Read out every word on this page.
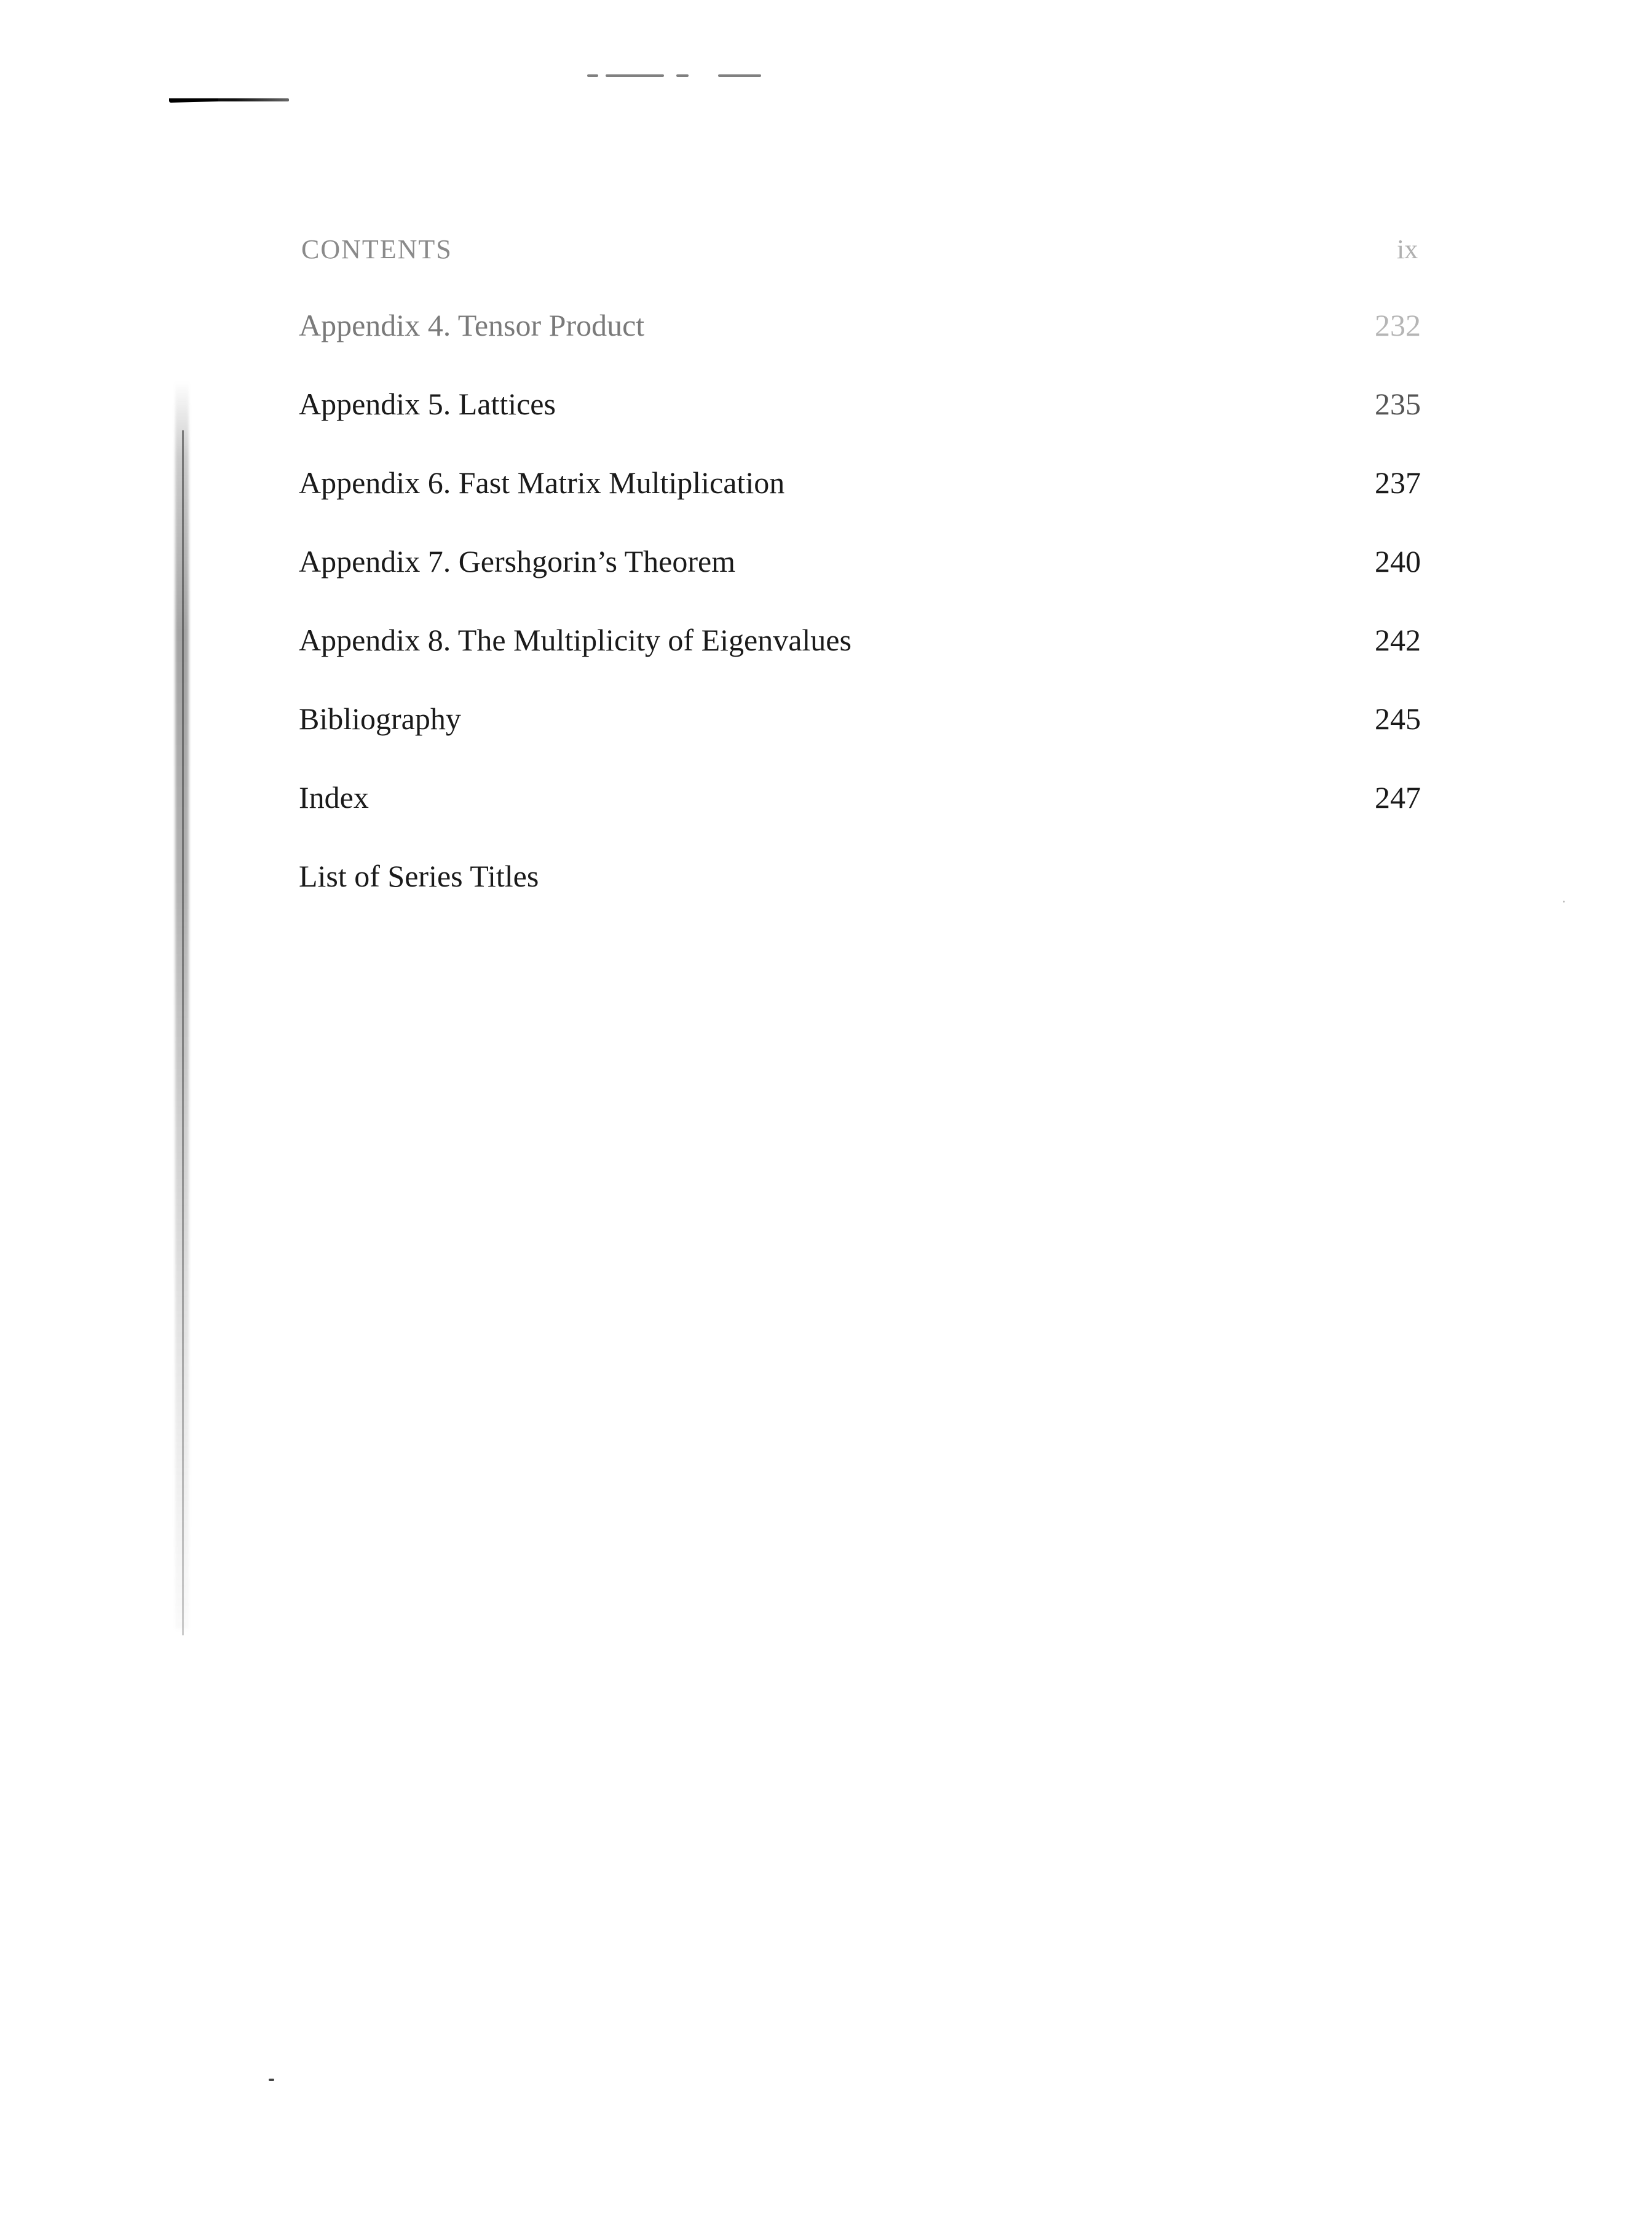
CONTENTS	ix
Appendix 4. Tensor Product	232
Appendix 5. Lattices	235
Appendix 6. Fast Matrix Multiplication	237
Appendix 7. Gershgorin’s Theorem	240
Appendix 8. The Multiplicity of Eigenvalues	242
Bibliography	245
Index	247
List of Series Titles
